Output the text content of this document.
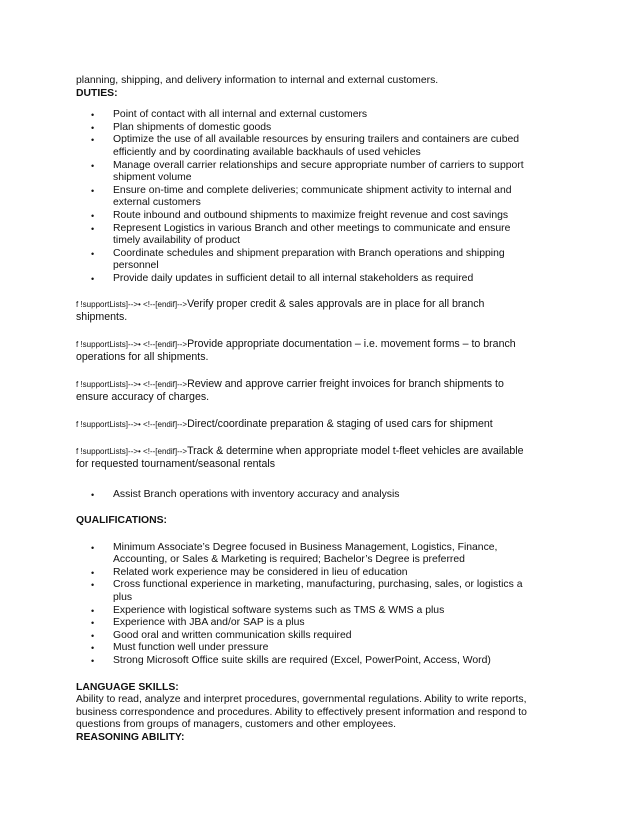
planning, shipping, and delivery information to internal and external customers.

DUTIES:

• Point of contact with all internal and external customers
• Plan shipments of domestic goods
• Optimize the use of all available resources by ensuring trailers and containers are cubed efficiently and by coordinating available backhauls of used vehicles
• Manage overall carrier relationships and secure appropriate number of carriers to support shipment volume
• Ensure on-time and complete deliveries; communicate shipment activity to internal and external customers
• Route inbound and outbound shipments to maximize freight revenue and cost savings
• Represent Logistics in various Branch and other meetings to communicate and ensure timely availability of product
• Coordinate schedules and shipment preparation with Branch operations and shipping personnel
• Provide daily updates in sufficient detail to all internal stakeholders as required

f !supportLists]-->• <!--[endif]-->Verify proper credit & sales approvals are in place for all branch shipments.

f !supportLists]-->• <!--[endif]-->Provide appropriate documentation – i.e. movement forms – to branch operations for all shipments.

f !supportLists]-->• <!--[endif]-->Review and approve carrier freight invoices for branch shipments to ensure accuracy of charges.

f !supportLists]-->• <!--[endif]-->Direct/coordinate preparation & staging of used cars for shipment

f !supportLists]-->• <!--[endif]-->Track & determine when appropriate model t-fleet vehicles are available for requested tournament/seasonal rentals

• Assist Branch operations with inventory accuracy and analysis

QUALIFICATIONS:

• Minimum Associate’s Degree focused in Business Management, Logistics, Finance, Accounting, or Sales & Marketing is required; Bachelor’s Degree is preferred
• Related work experience may be considered in lieu of education
• Cross functional experience in marketing, manufacturing, purchasing, sales, or logistics a plus
• Experience with logistical software systems such as TMS & WMS a plus
• Experience with JBA and/or SAP is a plus
• Good oral and written communication skills required
• Must function well under pressure
• Strong Microsoft Office suite skills are required (Excel, PowerPoint, Access, Word)

LANGUAGE SKILLS:

Ability to read, analyze and interpret procedures, governmental regulations. Ability to write reports, business correspondence and procedures. Ability to effectively present information and respond to questions from groups of managers, customers and other employees.

REASONING ABILITY:
